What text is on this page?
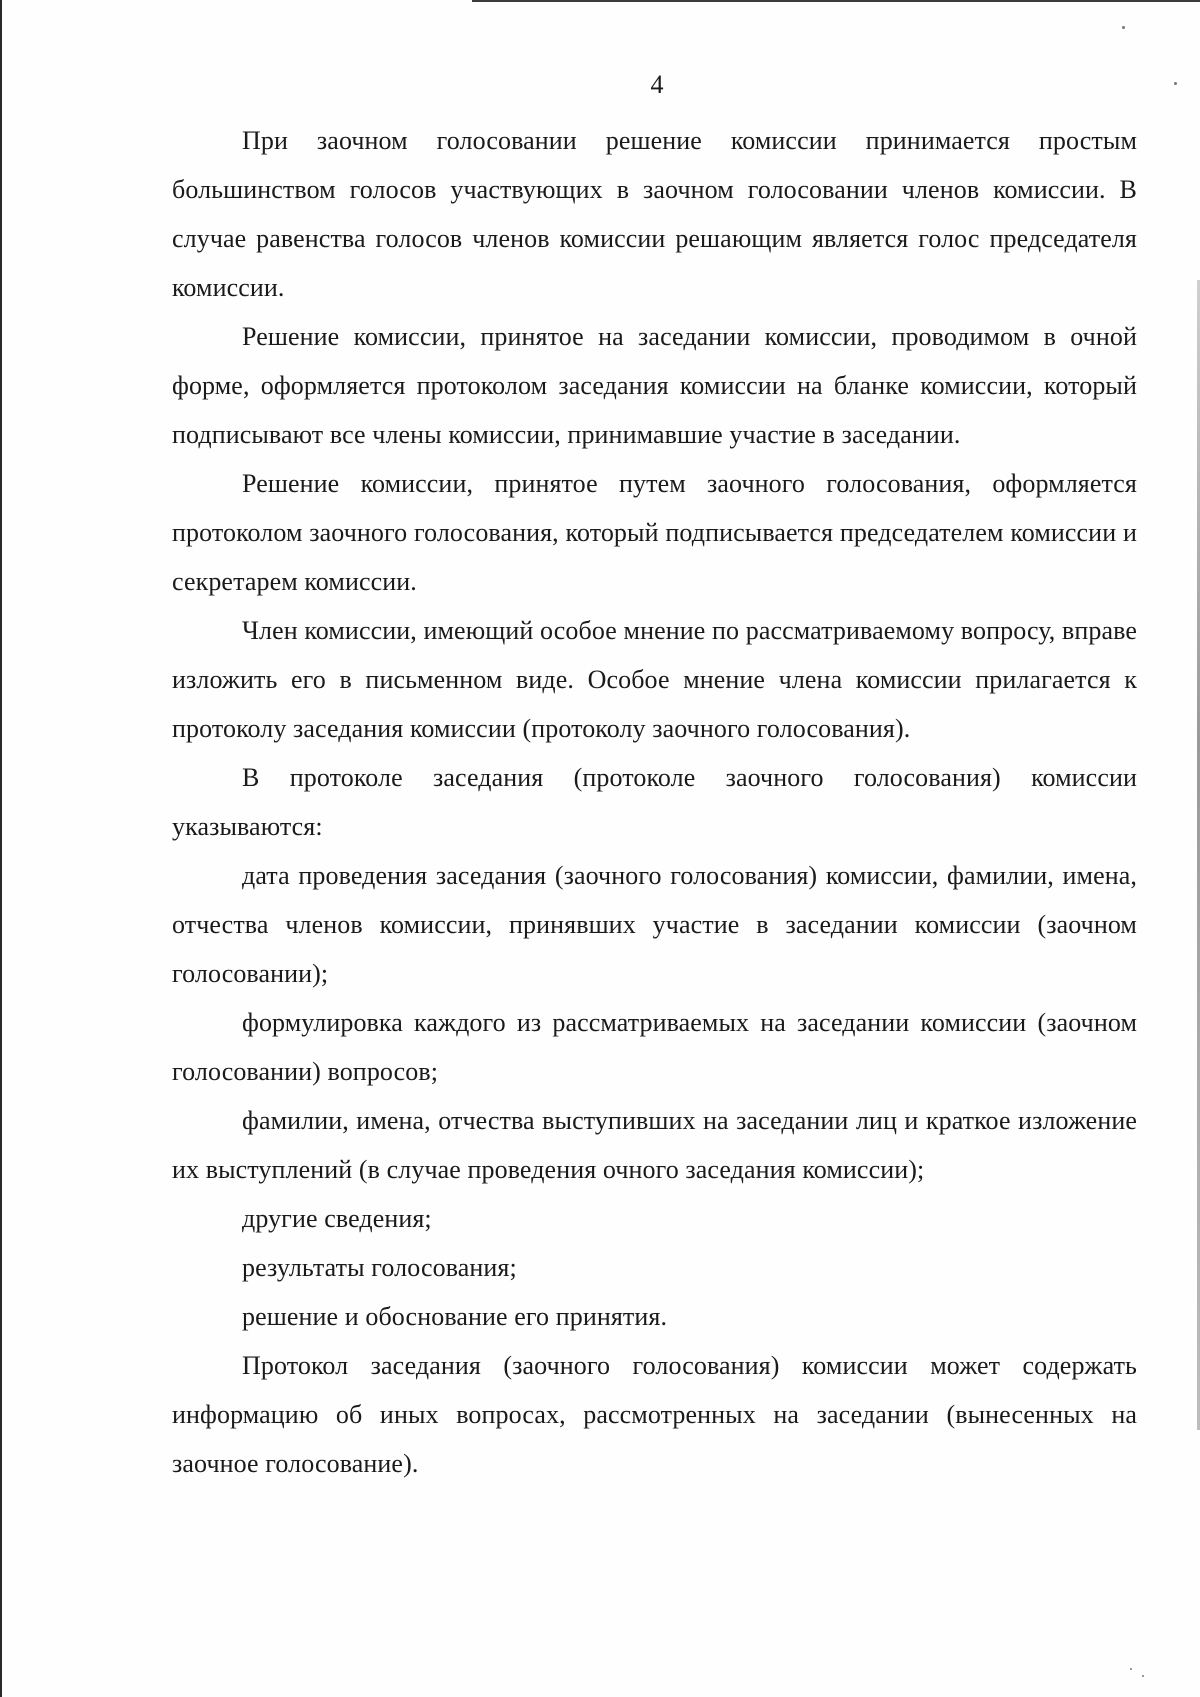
4

При заочном голосовании решение комиссии принимается простым большинством голосов участвующих в заочном голосовании членов комиссии. В случае равенства голосов членов комиссии решающим является голос председателя комиссии.

Решение комиссии, принятое на заседании комиссии, проводимом в очной форме, оформляется протоколом заседания комиссии на бланке комиссии, который подписывают все члены комиссии, принимавшие участие в заседании.

Решение комиссии, принятое путем заочного голосования, оформляется протоколом заочного голосования, который подписывается председателем комиссии и секретарем комиссии.

Член комиссии, имеющий особое мнение по рассматриваемому вопросу, вправе изложить его в письменном виде. Особое мнение члена комиссии прилагается к протоколу заседания комиссии (протоколу заочного голосования).

В протоколе заседания (протоколе заочного голосования) комиссии указываются:

дата проведения заседания (заочного голосования) комиссии, фамилии, имена, отчества членов комиссии, принявших участие в заседании комиссии (заочном голосовании);

формулировка каждого из рассматриваемых на заседании комиссии (заочном голосовании) вопросов;

фамилии, имена, отчества выступивших на заседании лиц и краткое изложение их выступлений (в случае проведения очного заседания комиссии);

другие сведения;

результаты голосования;

решение и обоснование его принятия.

Протокол заседания (заочного голосования) комиссии может содержать информацию об иных вопросах, рассмотренных на заседании (вынесенных на заочное голосование).
